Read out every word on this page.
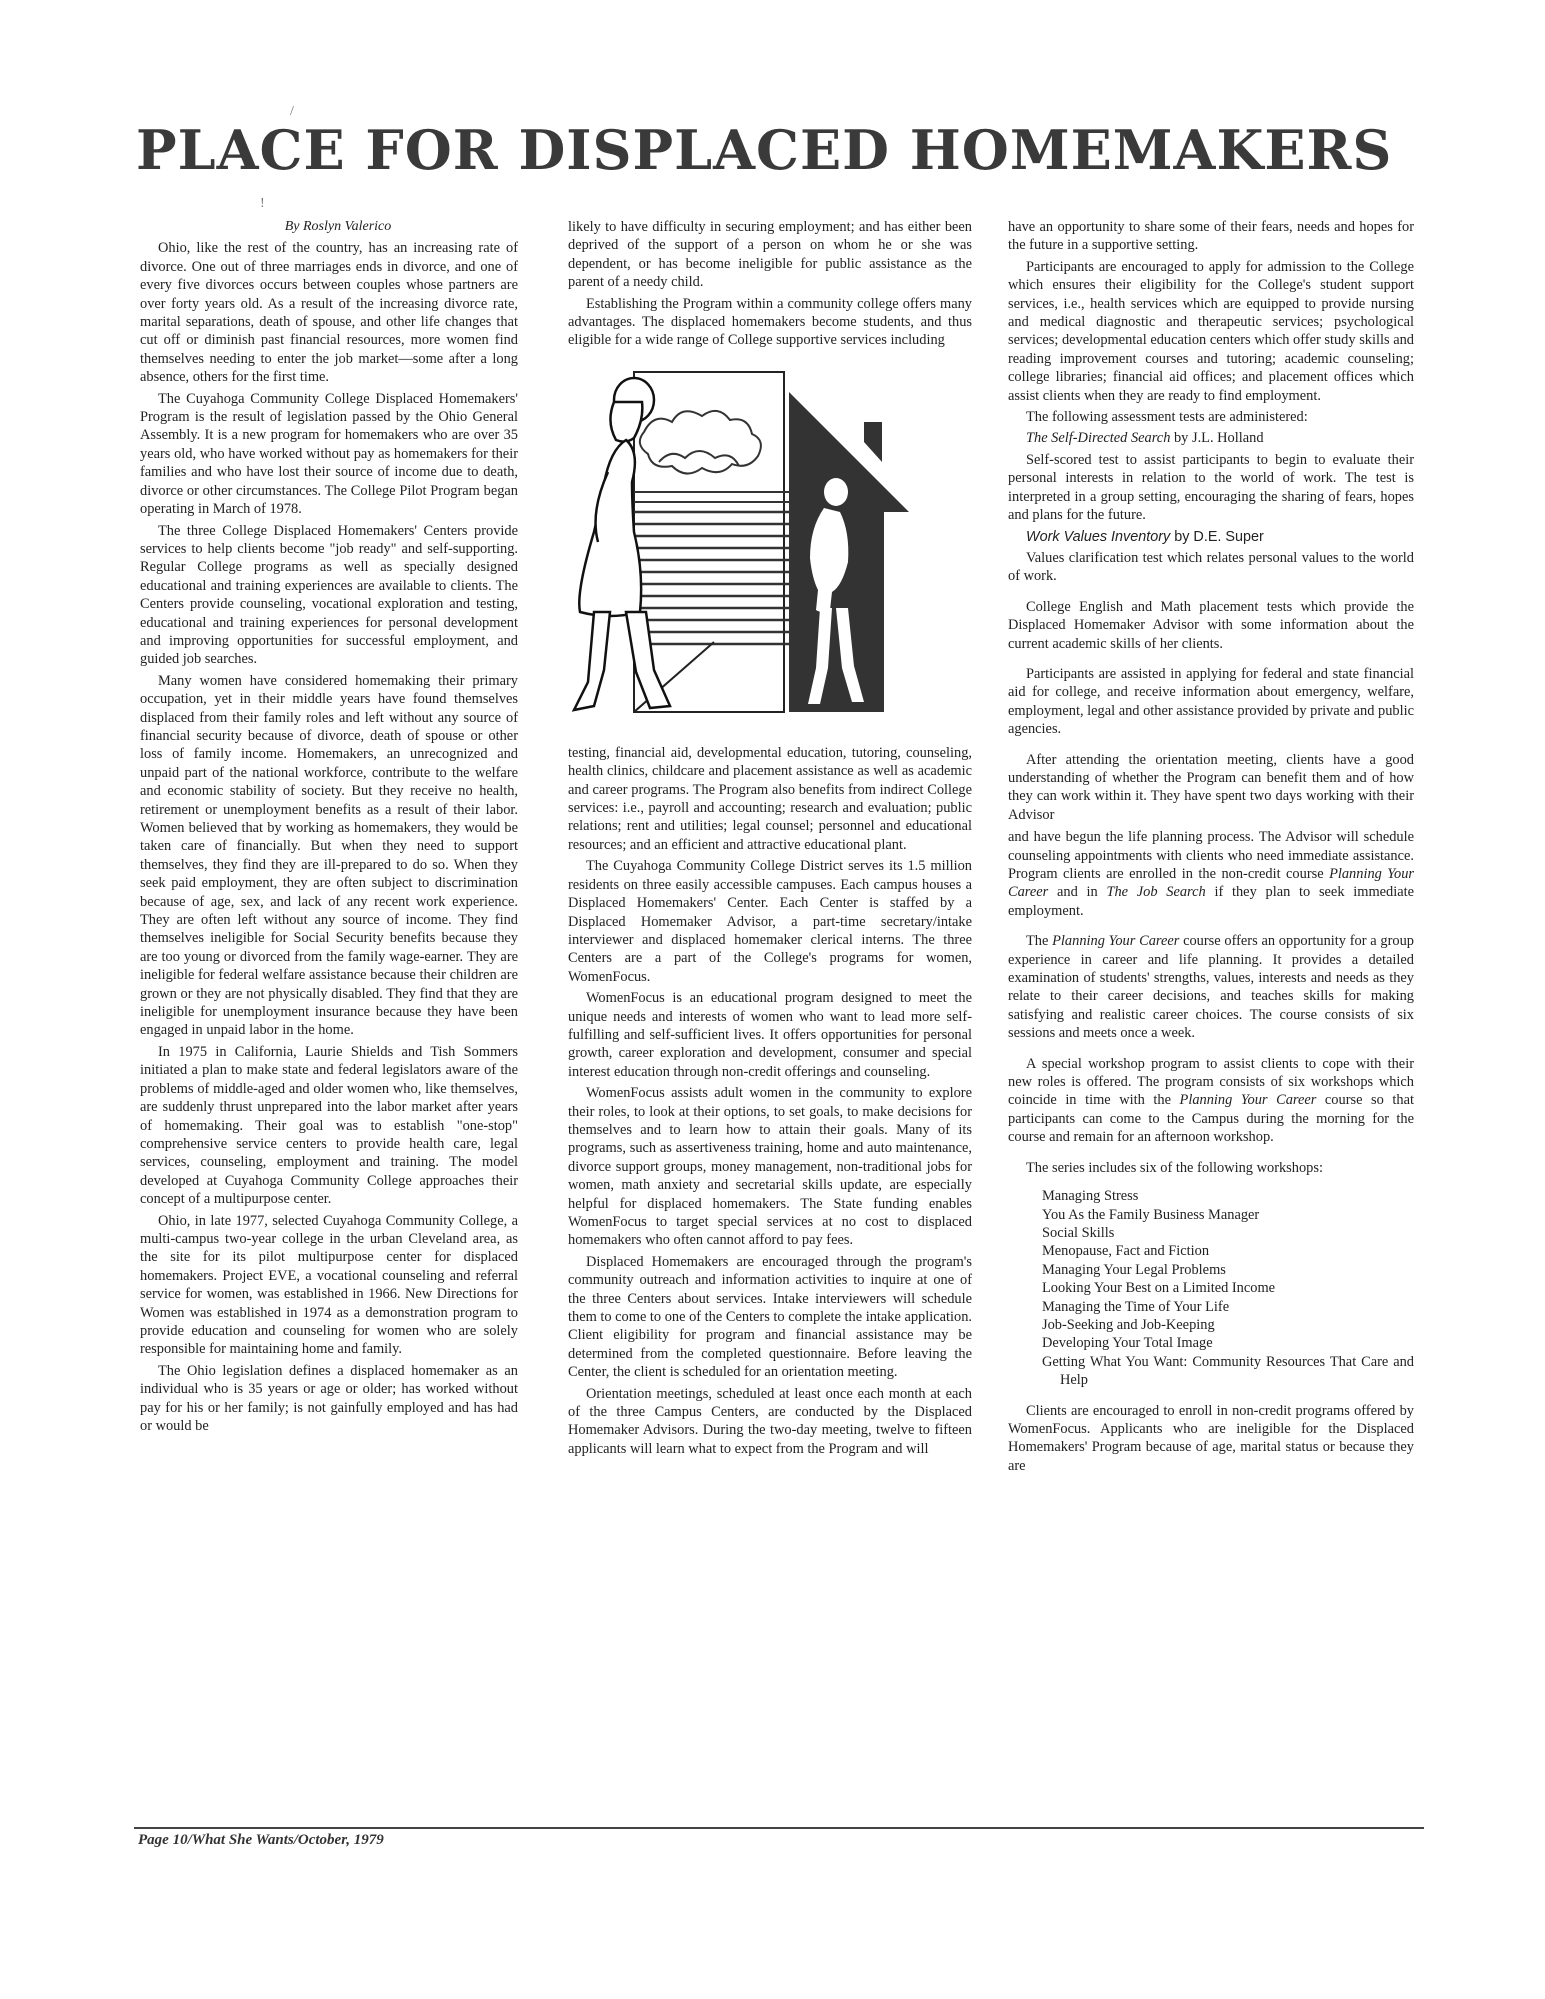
PLACE FOR DISPLACED HOMEMAKERS
/
!

By Roslyn Valerico

Ohio, like the rest of the country, has an increasing rate of divorce. One out of three marriages ends in divorce, and one of every five divorces occurs between couples whose partners are over forty years old. As a result of the increasing divorce rate, marital separations, death of spouse, and other life changes that cut off or diminish past financial resources, more women find themselves needing to enter the job market—some after a long absence, others for the first time.

The Cuyahoga Community College Displaced Homemakers' Program is the result of legislation passed by the Ohio General Assembly. It is a new program for homemakers who are over 35 years old, who have worked without pay as homemakers for their families and who have lost their source of income due to death, divorce or other circumstances. The College Pilot Program began operating in March of 1978.

The three College Displaced Homemakers' Centers provide services to help clients become "job ready" and self-supporting. Regular College programs as well as specially designed educational and training experiences are available to clients. The Centers provide counseling, vocational exploration and testing, educational and training experiences for personal development and improving opportunities for successful employment, and guided job searches.

Many women have considered homemaking their primary occupation, yet in their middle years have found themselves displaced from their family roles and left without any source of financial security because of divorce, death of spouse or other loss of family income. Homemakers, an unrecognized and unpaid part of the national workforce, contribute to the welfare and economic stability of society. But they receive no health, retirement or unemployment benefits as a result of their labor. Women believed that by working as homemakers, they would be taken care of financially. But when they need to support themselves, they find they are ill-prepared to do so. When they seek paid employment, they are often subject to discrimination because of age, sex, and lack of any recent work experience. They are often left without any source of income. They find themselves ineligible for Social Security benefits because they are too young or divorced from the family wage-earner. They are ineligible for federal welfare assistance because their children are grown or they are not physically disabled. They find that they are ineligible for unemployment insurance because they have been engaged in unpaid labor in the home.

In 1975 in California, Laurie Shields and Tish Sommers initiated a plan to make state and federal legislators aware of the problems of middle-aged and older women who, like themselves, are suddenly thrust unprepared into the labor market after years of homemaking. Their goal was to establish "one-stop" comprehensive service centers to provide health care, legal services, counseling, employment and training. The model developed at Cuyahoga Community College approaches their concept of a multipurpose center.

Ohio, in late 1977, selected Cuyahoga Community College, a multi-campus two-year college in the urban Cleveland area, as the site for its pilot multipurpose center for displaced homemakers. Project EVE, a vocational counseling and referral service for women, was established in 1966. New Directions for Women was established in 1974 as a demonstration program to provide education and counseling for women who are solely responsible for maintaining home and family.

The Ohio legislation defines a displaced homemaker as an individual who is 35 years or age or older; has worked without pay for his or her family; is not gainfully employed and has had or would be

likely to have difficulty in securing employment; and has either been deprived of the support of a person on whom he or she was dependent, or has become ineligible for public assistance as the parent of a needy child.

Establishing the Program within a community college offers many advantages. The displaced homemakers become students, and thus eligible for a wide range of College supportive services including

testing, financial aid, developmental education, tutoring, counseling, health clinics, childcare and placement assistance as well as academic and career programs. The Program also benefits from indirect College services: i.e., payroll and accounting; research and evaluation; public relations; rent and utilities; legal counsel; personnel and educational resources; and an efficient and attractive educational plant.

The Cuyahoga Community College District serves its 1.5 million residents on three easily accessible campuses. Each campus houses a Displaced Homemakers' Center. Each Center is staffed by a Displaced Homemaker Advisor, a part-time secretary/intake interviewer and displaced homemaker clerical interns. The three Centers are a part of the College's programs for women, WomenFocus.

WomenFocus is an educational program designed to meet the unique needs and interests of women who want to lead more self-fulfilling and self-sufficient lives. It offers opportunities for personal growth, career exploration and development, consumer and special interest education through non-credit offerings and counseling.

WomenFocus assists adult women in the community to explore their roles, to look at their options, to set goals, to make decisions for themselves and to learn how to attain their goals. Many of its programs, such as assertiveness training, home and auto maintenance, divorce support groups, money management, non-traditional jobs for women, math anxiety and secretarial skills update, are especially helpful for displaced homemakers. The State funding enables WomenFocus to target special services at no cost to displaced homemakers who often cannot afford to pay fees.

Displaced Homemakers are encouraged through the program's community outreach and information activities to inquire at one of the three Centers about services. Intake interviewers will schedule them to come to one of the Centers to complete the intake application. Client eligibility for program and financial assistance may be determined from the completed questionnaire. Before leaving the Center, the client is scheduled for an orientation meeting.

Orientation meetings, scheduled at least once each month at each of the three Campus Centers, are conducted by the Displaced Homemaker Advisors. During the two-day meeting, twelve to fifteen applicants will learn what to expect from the Program and will

have an opportunity to share some of their fears, needs and hopes for the future in a supportive setting.

Participants are encouraged to apply for admission to the College which ensures their eligibility for the College's student support services, i.e., health services which are equipped to provide nursing and medical diagnostic and therapeutic services; psychological services; developmental education centers which offer study skills and reading improvement courses and tutoring; academic counseling; college libraries; financial aid offices; and placement offices which assist clients when they are ready to find employment.

The following assessment tests are administered:

The Self-Directed Search by J.L. Holland

Self-scored test to assist participants to begin to evaluate their personal interests in relation to the world of work. The test is interpreted in a group setting, encouraging the sharing of fears, hopes and plans for the future.

Work Values Inventory by D.E. Super

Values clarification test which relates personal values to the world of work.

College English and Math placement tests which provide the Displaced Homemaker Advisor with some information about the current academic skills of her clients.

Participants are assisted in applying for federal and state financial aid for college, and receive information about emergency, welfare, employment, legal and other assistance provided by private and public agencies.

After attending the orientation meeting, clients have a good understanding of whether the Program can benefit them and of how they can work within it. They have spent two days working with their Advisor

and have begun the life planning process. The Advisor will schedule counseling appointments with clients who need immediate assistance. Program clients are enrolled in the non-credit course Planning Your Career and in The Job Search if they plan to seek immediate employment.

The Planning Your Career course offers an opportunity for a group experience in career and life planning. It provides a detailed examination of students' strengths, values, interests and needs as they relate to their career decisions, and teaches skills for making satisfying and realistic career choices. The course consists of six sessions and meets once a week.

A special workshop program to assist clients to cope with their new roles is offered. The program consists of six workshops which coincide in time with the Planning Your Career course so that participants can come to the Campus during the morning for the course and remain for an afternoon workshop.

The series includes six of the following workshops:

Managing Stress
You As the Family Business Manager
Social Skills
Menopause, Fact and Fiction
Managing Your Legal Problems
Looking Your Best on a Limited Income
Managing the Time of Your Life
Job-Seeking and Job-Keeping
Developing Your Total Image
Getting What You Want: Community Resources That Care and Help

Clients are encouraged to enroll in non-credit programs offered by WomenFocus. Applicants who are ineligible for the Displaced Homemakers' Program because of age, marital status or because they are

Page 10/What She Wants/October, 1979
